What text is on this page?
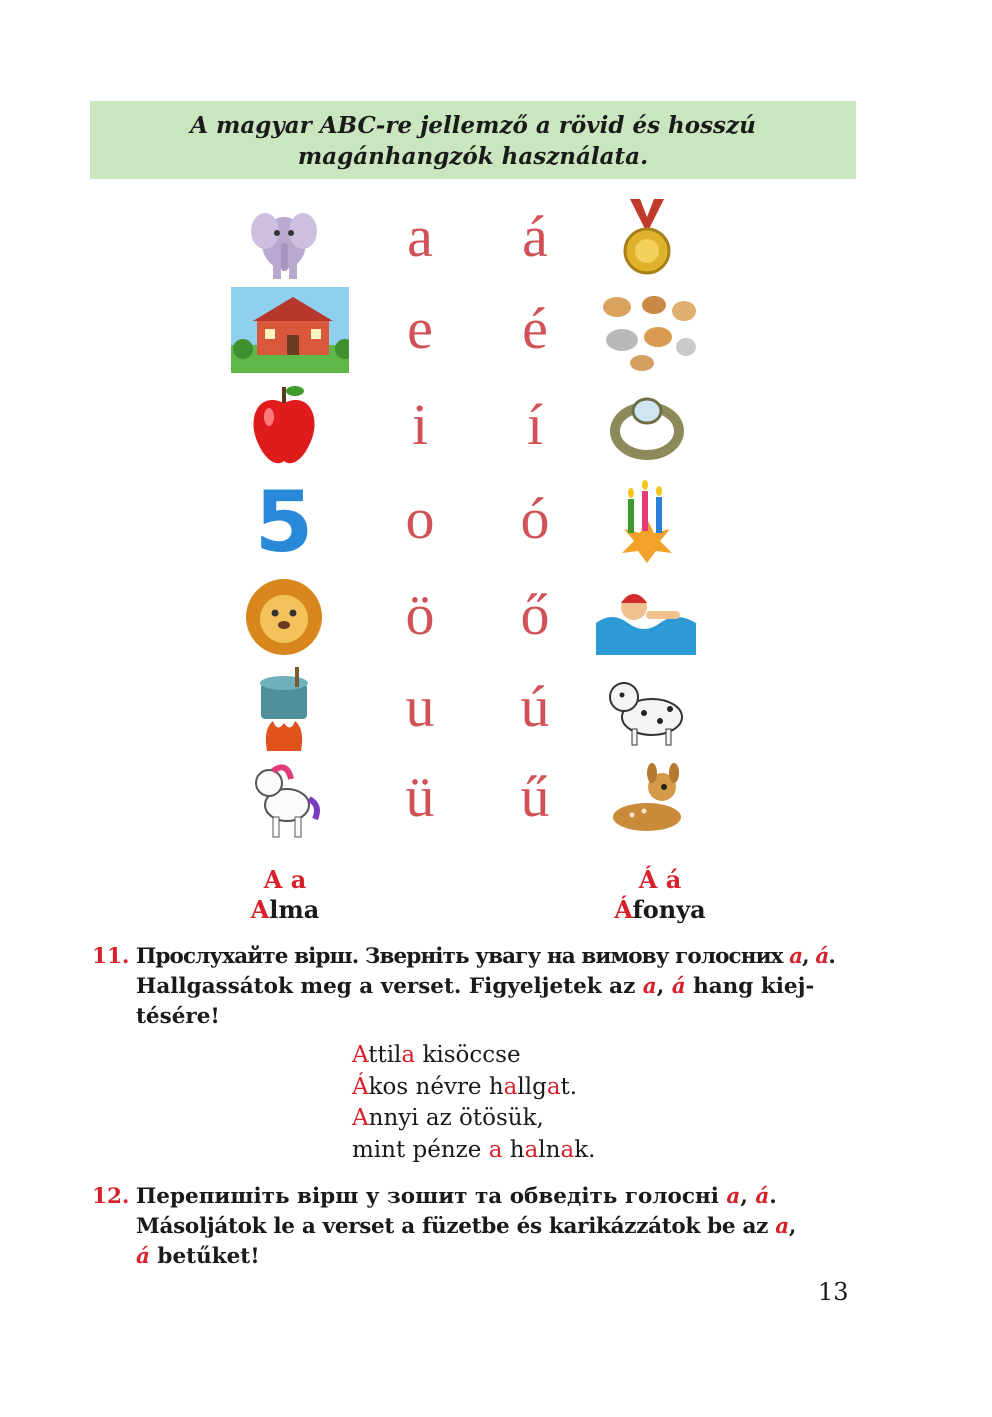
A magyar ABC-re jellemző a rövid és hosszú
magánhangzók használata.
a	á
e	é
i	í
5	o	ó
ö	ő
u	ú
ü	ű
A a	Á á
Alma	Áfonya
11. Прослухайте вірш. Зверніть увагу на вимову голосних a, á.
Hallgassátok meg a verset. Figyeljetek az a, á hang kiej-
tésére!
Attila kisöccse
Ákos névre hallgat.
Annyi az ötösük,
mint pénze a halnak.
12. Перепишіть вірш у зошит та обведіть голосні a, á.
Másoljátok le a verset a füzetbe és karikázzátok be az a,
á betűket!
13
